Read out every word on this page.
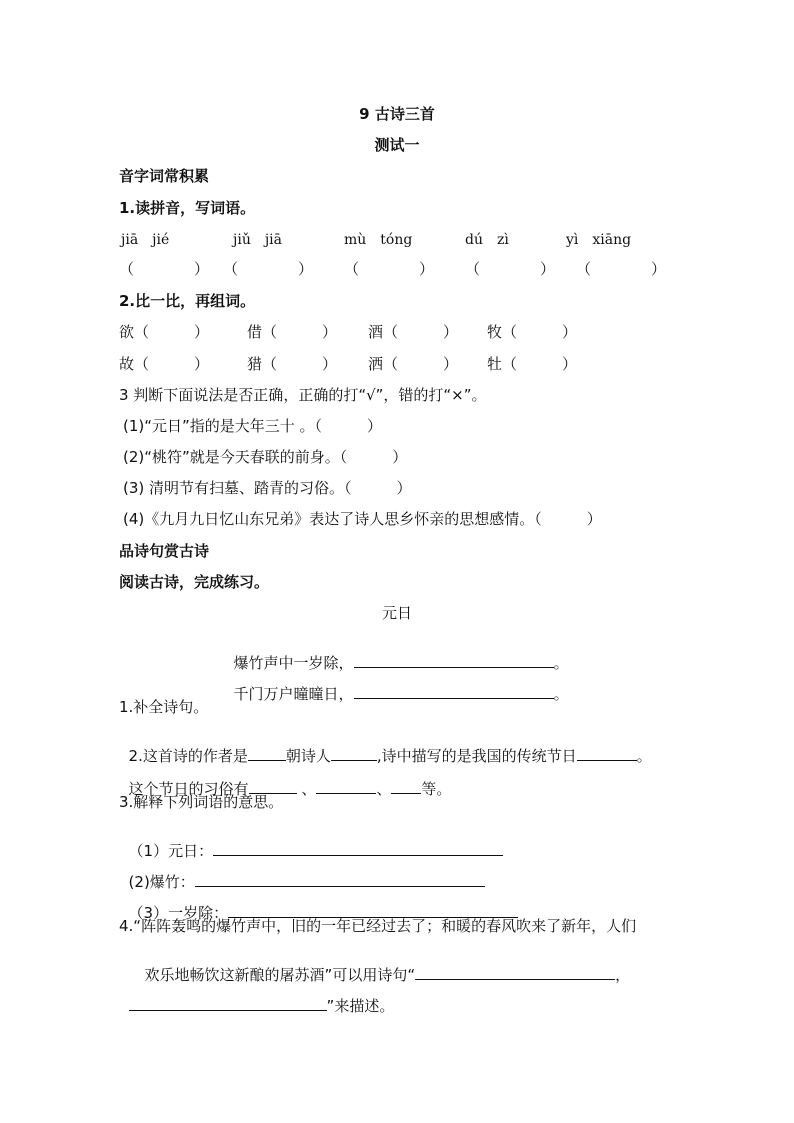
9 古诗三首
测试一
音字词常积累
1.读拼音，写词语。
jiā　jié	jiǔ　jiā	mù　tóng	dú　zì	yì　xiāng
（　　　　） （　　　　） （　　　　） （　　　　） （　　　　）
2.比一比，再组词。
欲（　　　）	借（　　　） 酒（　　　） 牧（　　　）
故（　　　）	猎（　　　） 洒（　　　） 牡（　　　）
3 判断下面说法是否正确，正确的打“√”，错的打“×”。
(1)“元日”指的是大年三十 。（　　　）
(2)“桃符”就是今天春联的前身。（　　　）
(3) 清明节有扫墓、踏青的习俗。（　　　）
(4)《九月九日忆山东兄弟》表达了诗人思乡怀亲的思想感情。（　　　）
品诗句赏古诗
阅读古诗，完成练习。
元日

爆竹声中一岁除，	。

千门万户曈曈日，	。

1.补全诗句。

2.这首诗的作者是	朝诗人	,诗中描写的是我国的传统节日	。

这个节日的习俗有	、	、 等。

3.解释下列词语的意思。

（1）元日：

(2)爆竹：

（3）一岁除：

4.“阵阵轰鸣的爆竹声中，旧的一年已经过去了；和暖的春风吹来了新年，人们

欢乐地畅饮这新酿的屠苏酒”可以用诗句“	，

”来描述。
